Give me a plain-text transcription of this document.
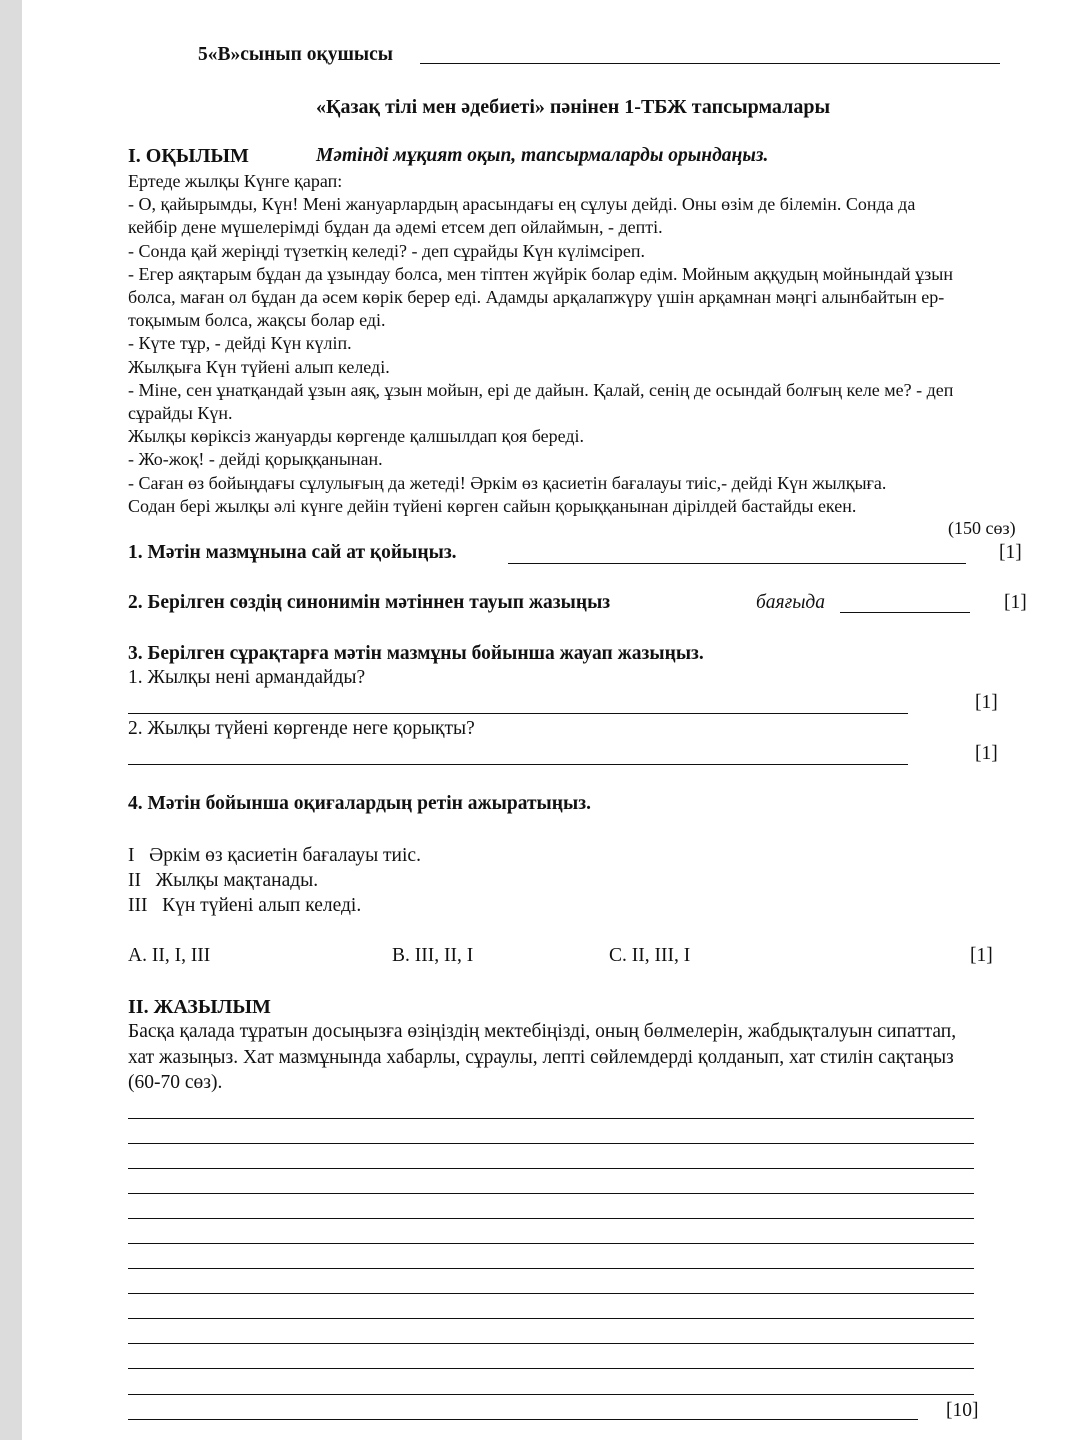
5«В»сынып оқушысы
«Қазақ тілі мен әдебиеті» пәнінен 1-ТБЖ тапсырмалары
I. ОҚЫЛЫМ	Мәтінді мұқият оқып, тапсырмаларды орындаңыз.
Ертеде жылқы Күнге қарап:
- О, қайырымды, Күн! Мені жануарлардың арасындағы ең сұлуы дейді. Оны өзім де білемін. Сонда да
кейбір дене мүшелерімді бұдан да әдемі етсем деп ойлаймын, - депті.
- Сонда қай жеріңді түзеткің келеді? - деп сұрайды Күн күлімсіреп.
- Егер аяқтарым бұдан да ұзындау болса, мен тіптен жүйрік болар едім. Мойным аққудың мойнындай ұзын
болса, маған ол бұдан да әсем көрік берер еді. Адамды арқалапжүру үшін арқамнан мәңгі алынбайтын ер-
тоқымым болса, жақсы болар еді.
- Күте тұр, - дейді Күн күліп.
Жылқыға Күн түйені алып келеді.
- Міне, сен ұнатқандай ұзын аяқ, ұзын мойын, ері де дайын. Қалай, сенің де осындай болғың келе ме? - деп
сұрайды Күн.
Жылқы көріксіз жануарды көргенде қалшылдап қоя береді.
- Жо-жоқ! - дейді қорыққанынан.
- Саған өз бойыңдағы сұлулығың да жетеді! Әркім өз қасиетін бағалауы тиіс,- дейді Күн жылқыға.
Содан бері жылқы әлі күнге дейін түйені көрген сайын қорыққанынан дірілдей бастайды екен.
(150 сөз)
1. Мәтін мазмұнына сай ат қойыңыз.	[1]
2. Берілген сөздің синонимін мәтіннен тауып жазыңыз	баяғыда	[1]
3. Берілген сұрақтарға мәтін мазмұны бойынша жауап жазыңыз.
1. Жылқы нені армандайды?
[1]
2. Жылқы түйені көргенде неге қорықты?
[1]
4. Мәтін бойынша оқиғалардың ретін ажыратыңыз.
I Әркім өз қасиетін бағалауы тиіс.
II Жылқы мақтанады.
III Күн түйені алып келеді.
A. II, I, III	B. III, II, I	C. II, III, I	[1]
II. ЖАЗЫЛЫМ
Басқа қалада тұратын досыңызға өзіңіздің мектебіңізді, оның бөлмелерін, жабдықталуын сипаттап,
хат жазыңыз. Хат мазмұнында хабарлы, сұраулы, лепті сөйлемдерді қолданып, хат стилін сақтаңыз
(60-70 сөз).
[10]
